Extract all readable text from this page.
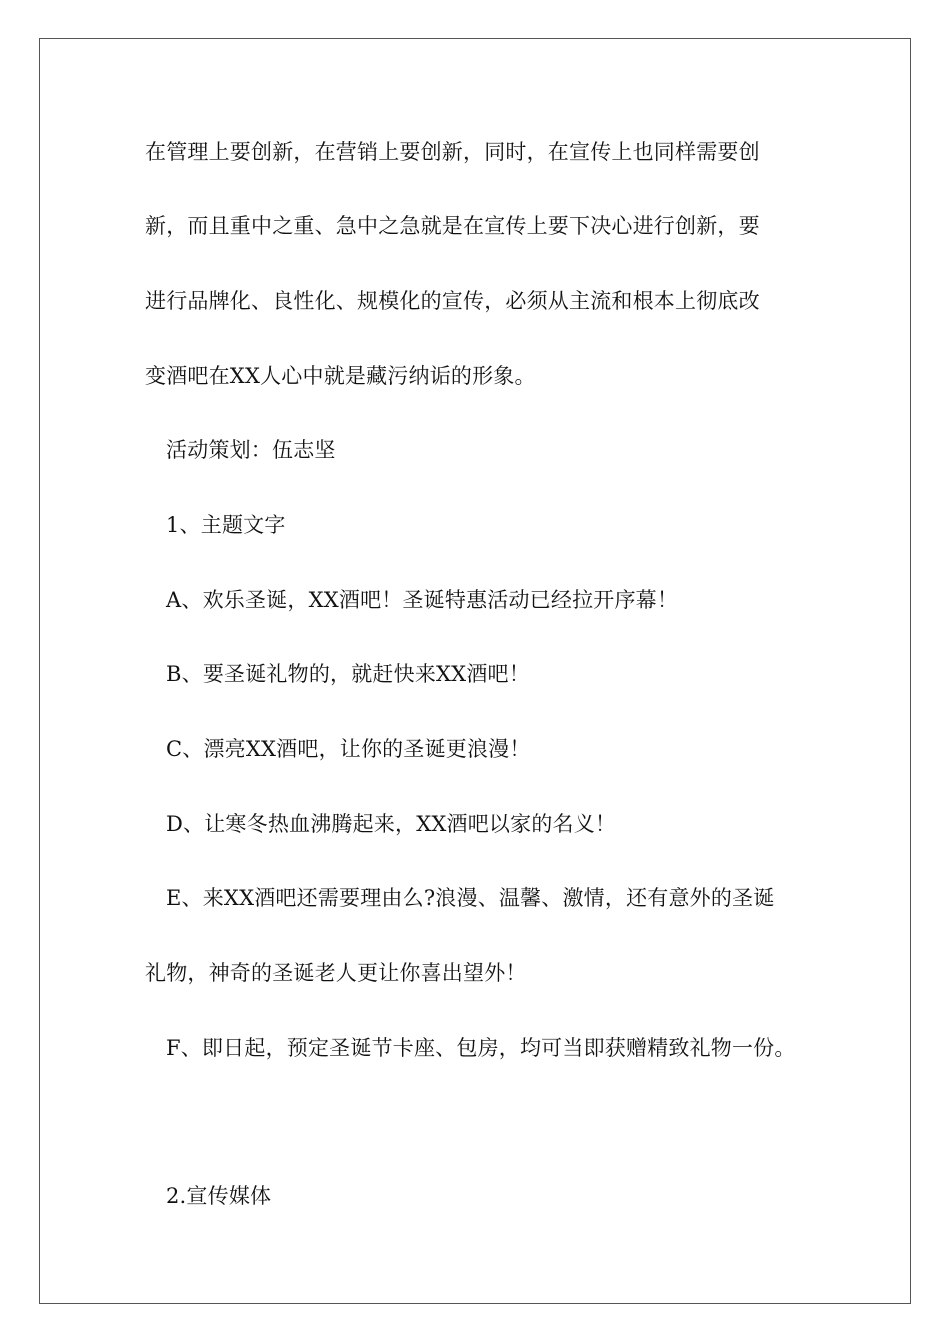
在管理上要创新，在营销上要创新，同时，在宣传上也同样需要创
新，而且重中之重、急中之急就是在宣传上要下决心进行创新，要
进行品牌化、良性化、规模化的宣传，必须从主流和根本上彻底改
变酒吧在XX人心中就是藏污纳诟的形象。
活动策划：伍志坚
1、主题文字
A、欢乐圣诞，XX酒吧！圣诞特惠活动已经拉开序幕！
B、要圣诞礼物的，就赶快来XX酒吧！
C、漂亮XX酒吧，让你的圣诞更浪漫！
D、让寒冬热血沸腾起来，XX酒吧以家的名义！
E、来XX酒吧还需要理由么?浪漫、温馨、激情，还有意外的圣诞
礼物，神奇的圣诞老人更让你喜出望外！
F、即日起，预定圣诞节卡座、包房，均可当即获赠精致礼物一份。
2.宣传媒体
